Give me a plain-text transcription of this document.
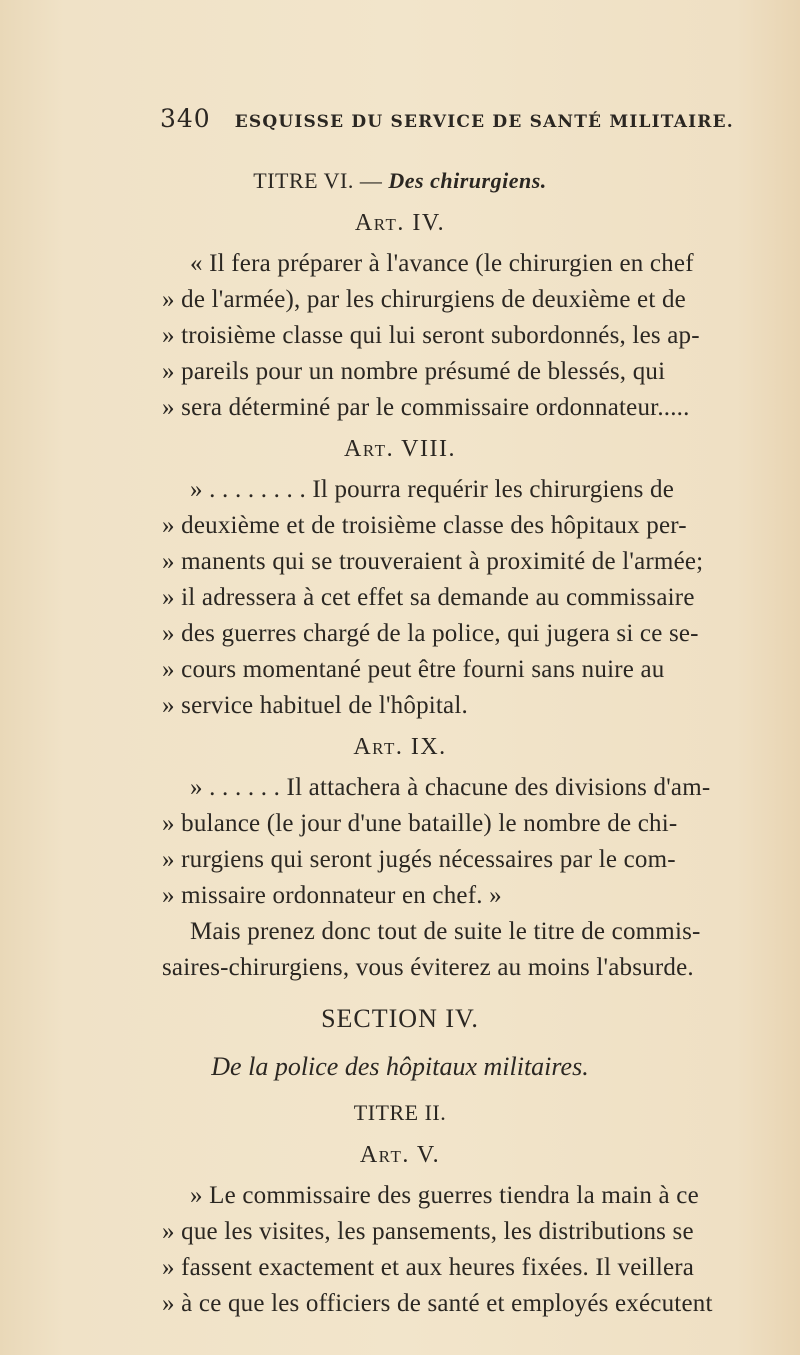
340 ESQUISSE DU SERVICE DE SANTÉ MILITAIRE.
TITRE VI. — Des chirurgiens.
Art. IV.
« Il fera préparer à l'avance (le chirurgien en chef
» de l'armée), par les chirurgiens de deuxième et de
» troisième classe qui lui seront subordonnés, les ap-
» pareils pour un nombre présumé de blessés, qui
» sera déterminé par le commissaire ordonnateur.....
Art. VIII.
» . . . . . . . . Il pourra requérir les chirurgiens de
» deuxième et de troisième classe des hôpitaux per-
» manents qui se trouveraient à proximité de l'armée;
» il adressera à cet effet sa demande au commissaire
» des guerres chargé de la police, qui jugera si ce se-
» cours momentané peut être fourni sans nuire au
» service habituel de l'hôpital.
Art. IX.
» . . . . . . Il attachera à chacune des divisions d'am-
» bulance (le jour d'une bataille) le nombre de chi-
» rurgiens qui seront jugés nécessaires par le com-
» missaire ordonnateur en chef. »
Mais prenez donc tout de suite le titre de commis-
saires-chirurgiens, vous éviterez au moins l'absurde.
SECTION IV.
De la police des hôpitaux militaires.
TITRE II.
Art. V.
» Le commissaire des guerres tiendra la main à ce
» que les visites, les pansements, les distributions se
» fassent exactement et aux heures fixées. Il veillera
» à ce que les officiers de santé et employés exécutent
